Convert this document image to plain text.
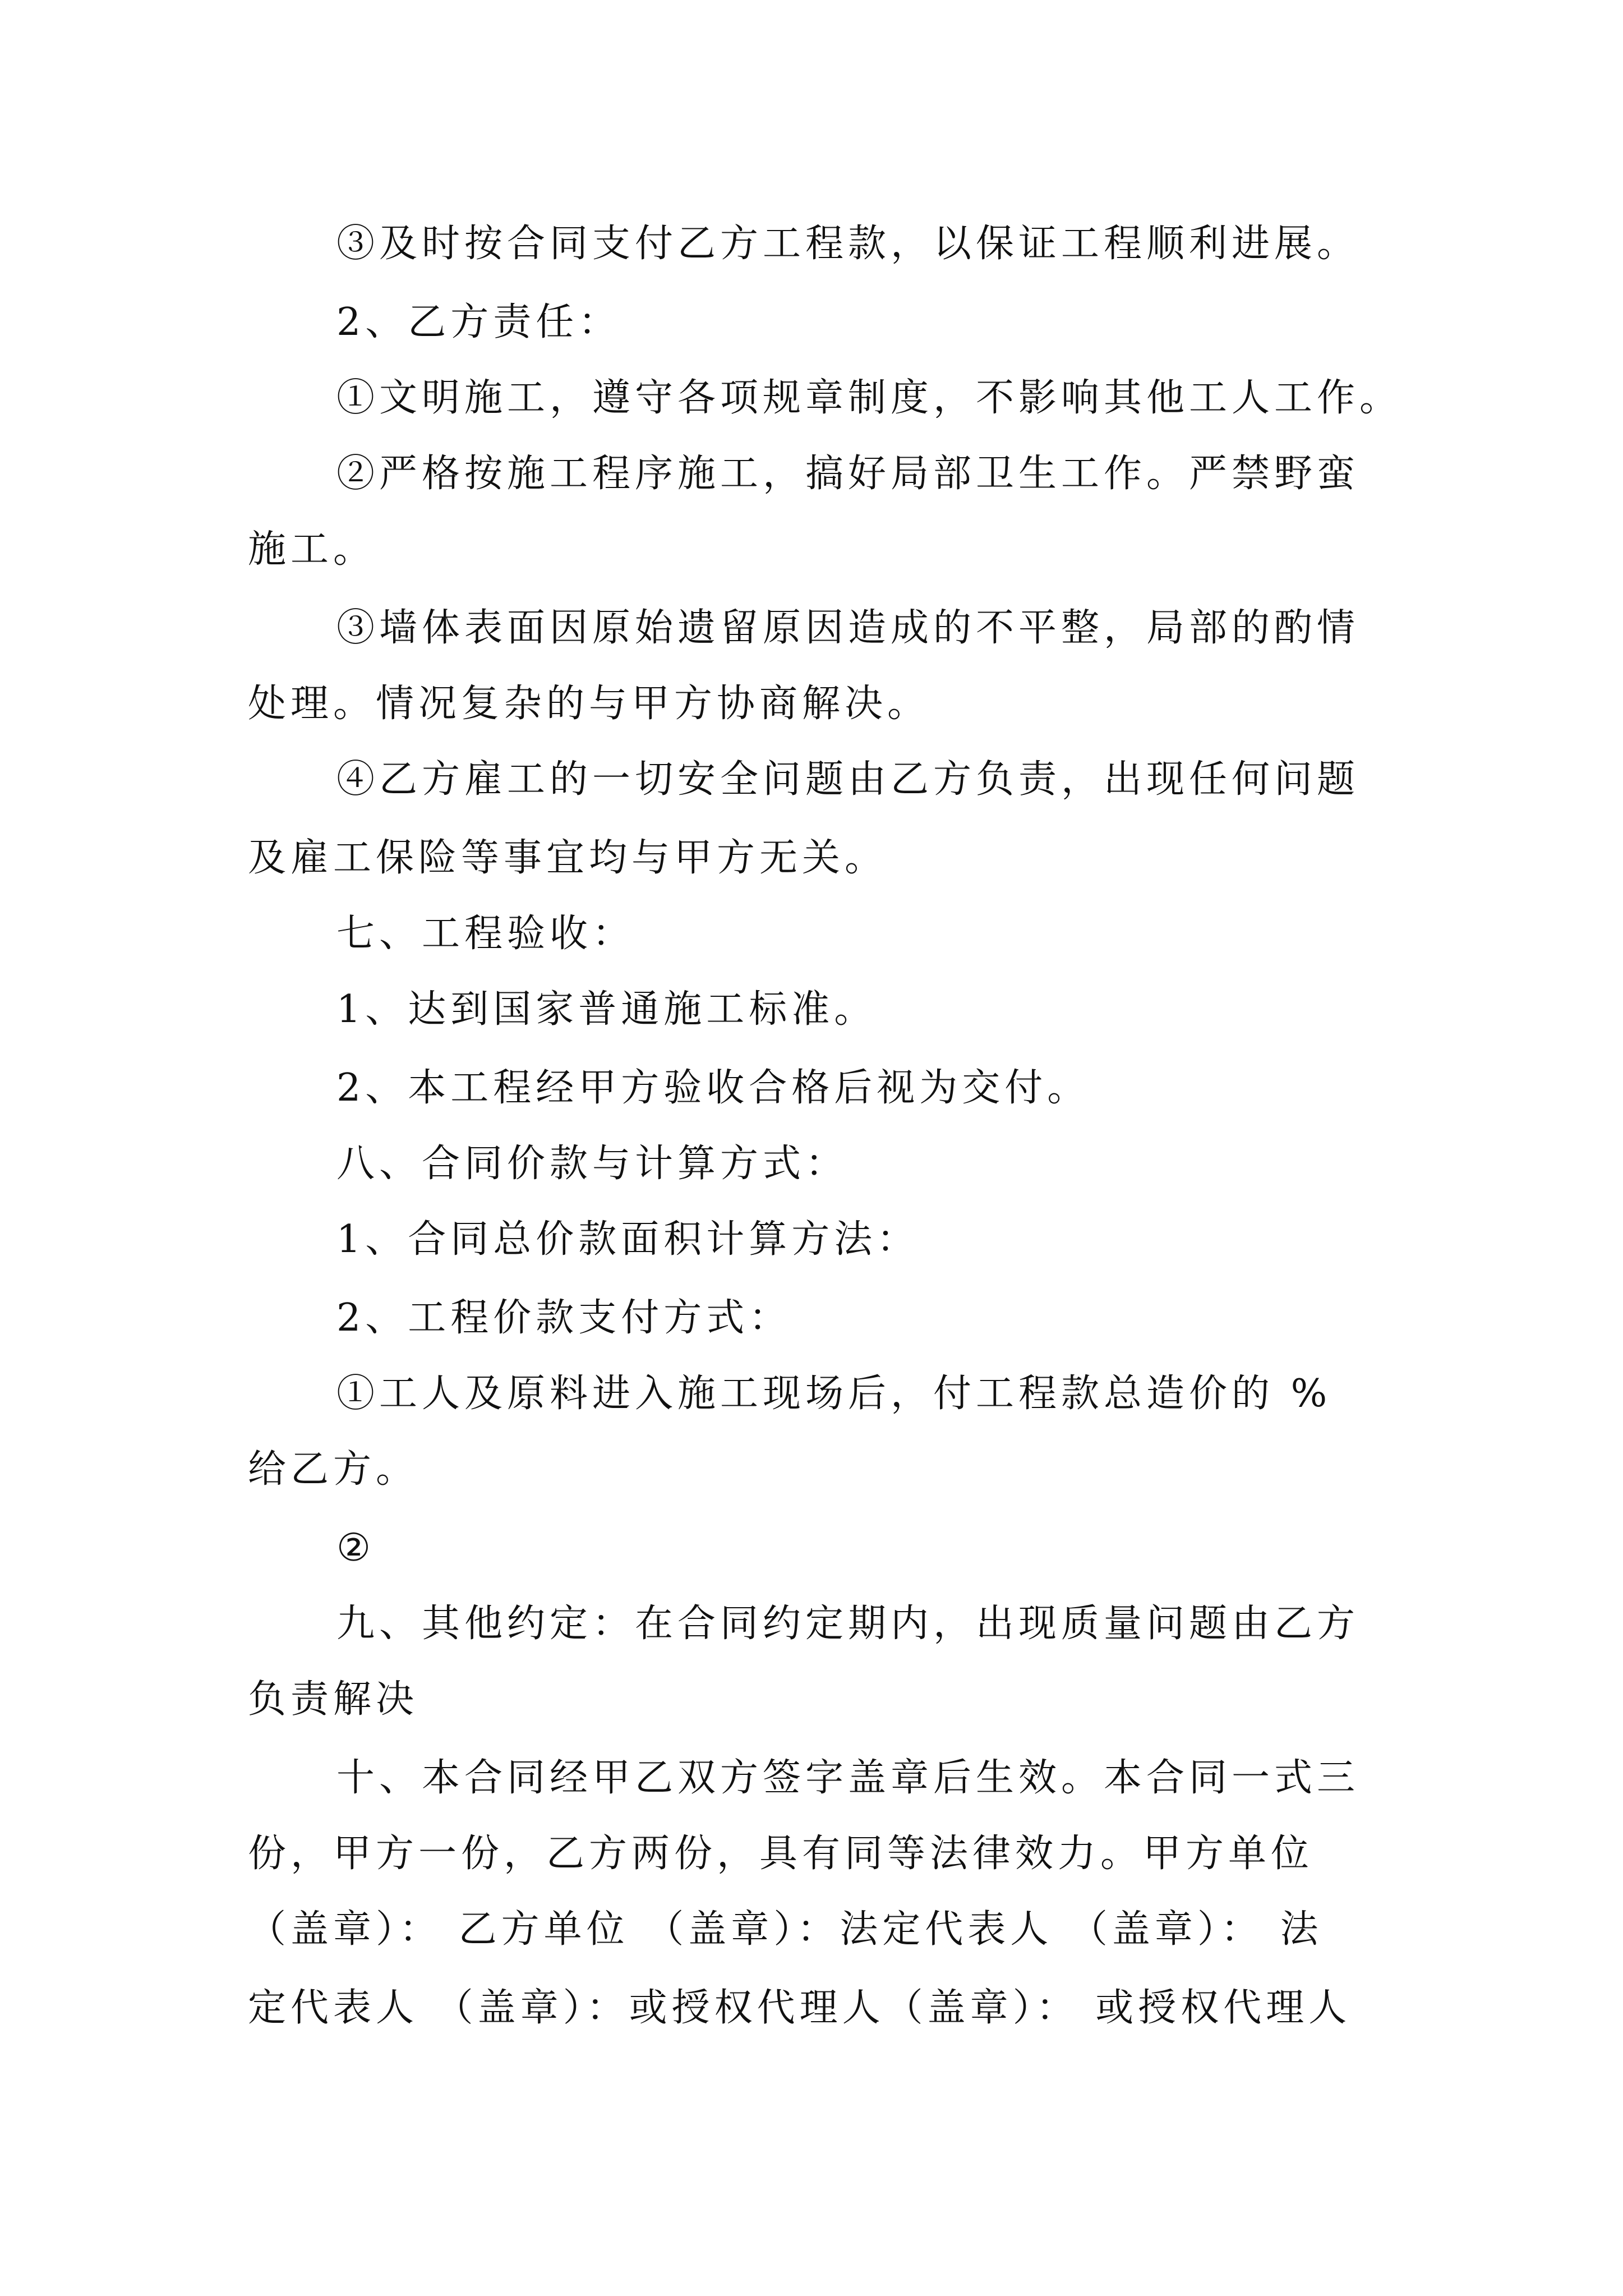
③及时按合同支付乙方工程款，以保证工程顺利进展。
2、乙方责任：
①文明施工，遵守各项规章制度，不影响其他工人工作。
②严格按施工程序施工，搞好局部卫生工作。严禁野蛮
施工。
③墙体表面因原始遗留原因造成的不平整，局部的酌情
处理。情况复杂的与甲方协商解决。
④乙方雇工的一切安全问题由乙方负责，出现任何问题
及雇工保险等事宜均与甲方无关。
七、工程验收：
1、达到国家普通施工标准。
2、本工程经甲方验收合格后视为交付。
八、合同价款与计算方式：
1、合同总价款面积计算方法：
2、工程价款支付方式：
①工人及原料进入施工现场后，付工程款总造价的 %
给乙方。
②
九、其他约定：在合同约定期内，出现质量问题由乙方
负责解决
十、本合同经甲乙双方签字盖章后生效。本合同一式三
份，甲方一份，乙方两份，具有同等法律效力。甲方单位
（盖章）： 乙方单位 （盖章）：法定代表人 （盖章）： 法
定代表人 （盖章）：或授权代理人（盖章）： 或授权代理人
